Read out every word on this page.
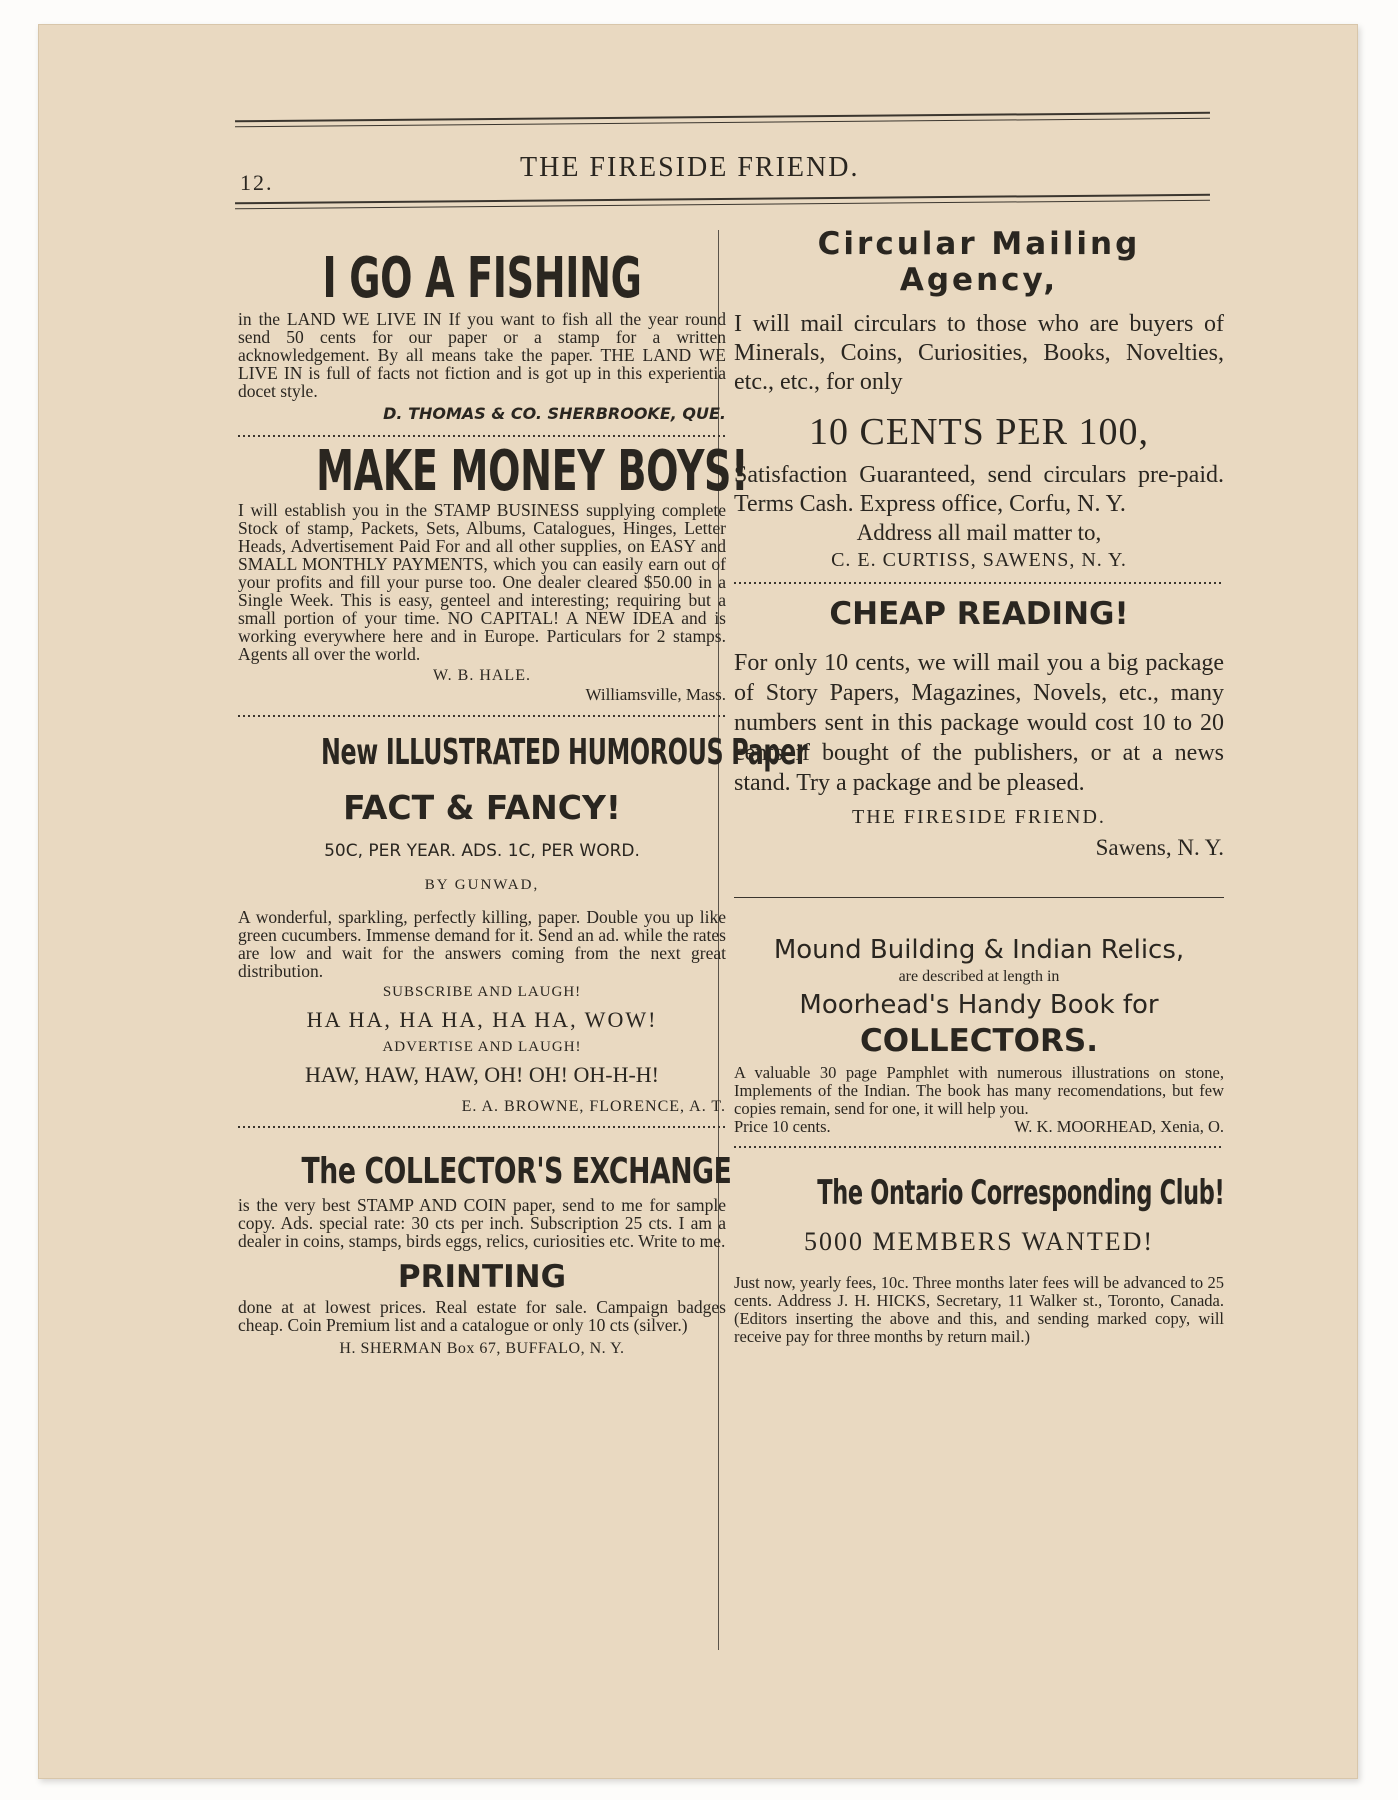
12.	THE FIRESIDE FRIEND.
I GO A FISHING

in the LAND WE LIVE IN If you want to fish all the year round send 50 cents for our paper or a stamp for a written acknowledgement. By all means take the paper. THE LAND WE LIVE IN is full of facts not fiction and is got up in this experientia docet style.

D. THOMAS & CO. SHERBROOKE, QUE.
MAKE MONEY BOYS!

I will establish you in the STAMP BUSINESS supplying complete Stock of stamp, Packets, Sets, Albums, Catalogues, Hinges, Letter Heads, Advertisement Paid For and all other supplies, on EASY and SMALL MONTHLY PAYMENTS, which you can easily earn out of your profits and fill your purse too. One dealer cleared $50.00 in a Single Week. This is easy, genteel and interesting; requiring but a small portion of your time. NO CAPITAL! A NEW IDEA and is working everywhere here and in Europe. Particulars for 2 stamps. Agents all over the world.

W. B. HALE.
Williamsville, Mass.
New ILLUSTRATED HUMOROUS Paper
FACT & FANCY!
50C, PER YEAR. ADS. 1C, PER WORD.
BY GUNWAD,

A wonderful, sparkling, perfectly killing, paper. Double you up like green cucumbers. Immense demand for it. Send an ad. while the rates are low and wait for the answers coming from the next great distribution.

SUBSCRIBE AND LAUGH!
HA HA, HA HA, HA HA, WOW!
ADVERTISE AND LAUGH!
HAW, HAW, HAW, OH! OH! OH-H-H!
E. A. BROWNE, FLORENCE, A. T.
The COLLECTOR'S EXCHANGE

is the very best STAMP AND COIN paper, send to me for sample copy. Ads. special rate: 30 cts per inch. Subscription 25 cts. I am a dealer in coins, stamps, birds eggs, relics, curiosities etc. Write to me.

PRINTING

done at at lowest prices. Real estate for sale. Campaign badges cheap. Coin Premium list and a catalogue or only 10 cts (silver.)

H. SHERMAN Box 67, BUFFALO, N. Y.
Circular Mailing
Agency,

I will mail circulars to those who are buyers of Minerals, Coins, Curiosities, Books, Novelties, etc., etc., for only

10 CENTS PER 100,

Satisfaction Guaranteed, send circulars pre-paid. Terms Cash. Express office, Corfu, N. Y.

Address all mail matter to,
C. E. CURTISS, SAWENS, N. Y.
CHEAP READING!

For only 10 cents, we will mail you a big package of Story Papers, Magazines, Novels, etc., many numbers sent in this package would cost 10 to 20 cents if bought of the publishers, or at a news stand. Try a package and be pleased.

THE FIRESIDE FRIEND.
Sawens, N. Y.
Mound Building & Indian Relics,
are described at length in
Moorhead's Handy Book for
COLLECTORS.

A valuable 30 page Pamphlet with numerous illustrations on stone, Implements of the Indian. The book has many recomendations, but few copies remain, send for one, it will help you.

Price 10 cents.	W. K. MOORHEAD, Xenia, O.
The Ontario Corresponding Club!
5000 MEMBERS WANTED!

Just now, yearly fees, 10c. Three months later fees will be advanced to 25 cents. Address J. H. HICKS, Secretary, 11 Walker st., Toronto, Canada. (Editors inserting the above and this, and sending marked copy, will receive pay for three months by return mail.)
